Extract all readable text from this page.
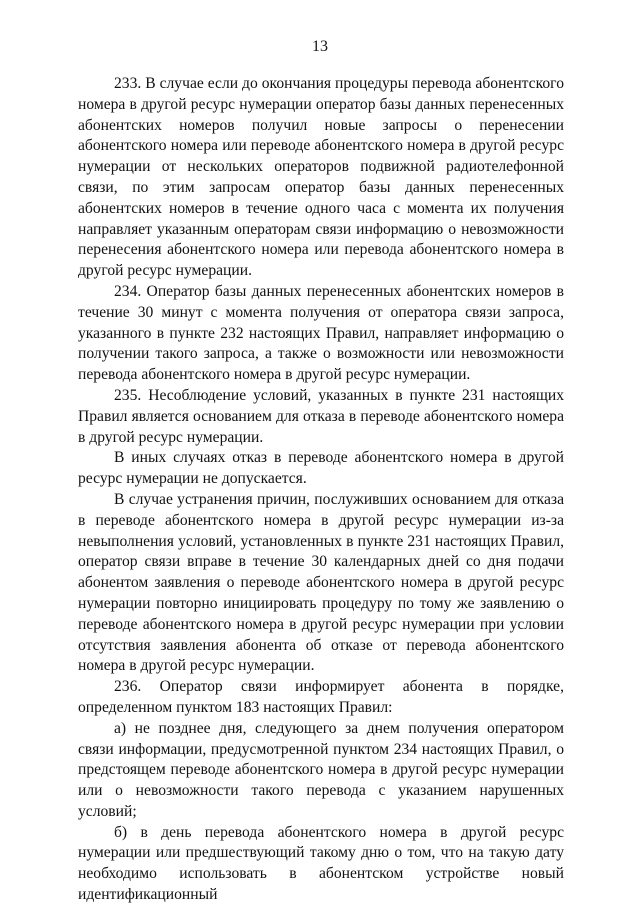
13

233. В случае если до окончания процедуры перевода абонентского номера в другой ресурс нумерации оператор базы данных перенесенных абонентских номеров получил новые запросы о перенесении абонентского номера или переводе абонентского номера в другой ресурс нумерации от нескольких операторов подвижной радиотелефонной связи, по этим запросам оператор базы данных перенесенных абонентских номеров в течение одного часа с момента их получения направляет указанным операторам связи информацию о невозможности перенесения абонентского номера или перевода абонентского номера в другой ресурс нумерации.

234. Оператор базы данных перенесенных абонентских номеров в течение 30 минут с момента получения от оператора связи запроса, указанного в пункте 232 настоящих Правил, направляет информацию о получении такого запроса, а также о возможности или невозможности перевода абонентского номера в другой ресурс нумерации.

235. Несоблюдение условий, указанных в пункте 231 настоящих Правил является основанием для отказа в переводе абонентского номера в другой ресурс нумерации.

В иных случаях отказ в переводе абонентского номера в другой ресурс нумерации не допускается.

В случае устранения причин, послуживших основанием для отказа в переводе абонентского номера в другой ресурс нумерации из-за невыполнения условий, установленных в пункте 231 настоящих Правил, оператор связи вправе в течение 30 календарных дней со дня подачи абонентом заявления о переводе абонентского номера в другой ресурс нумерации повторно инициировать процедуру по тому же заявлению о переводе абонентского номера в другой ресурс нумерации при условии отсутствия заявления абонента об отказе от перевода абонентского номера в другой ресурс нумерации.

236. Оператор связи информирует абонента в порядке, определенном пунктом 183 настоящих Правил:

а) не позднее дня, следующего за днем получения оператором связи информации, предусмотренной пунктом 234 настоящих Правил, о предстоящем переводе абонентского номера в другой ресурс нумерации или о невозможности такого перевода с указанием нарушенных условий;

б) в день перевода абонентского номера в другой ресурс нумерации или предшествующий такому дню о том, что на такую дату необходимо использовать в абонентском устройстве новый идентификационный
